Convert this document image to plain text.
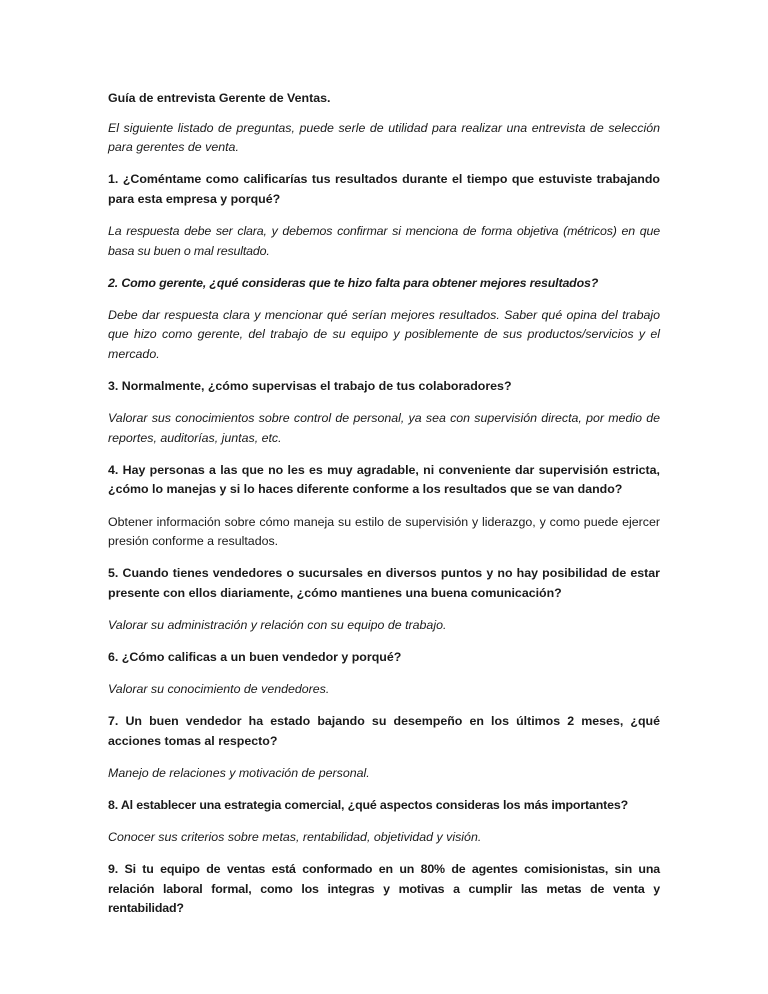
Guía de entrevista Gerente de Ventas.

El siguiente listado de preguntas, puede serle de utilidad para realizar una entrevista de selección para gerentes de venta.

1. ¿Coméntame como calificarías tus resultados durante el tiempo que estuviste trabajando para esta empresa y porqué?

La respuesta debe ser clara, y debemos confirmar si menciona de forma objetiva (métricos) en que basa su buen o mal resultado.

2. Como gerente, ¿qué consideras que te hizo falta para obtener mejores resultados?

Debe dar respuesta clara y mencionar qué serían mejores resultados. Saber qué opina del trabajo que hizo como gerente, del trabajo de su equipo y posiblemente de sus productos/servicios y el mercado.

3. Normalmente, ¿cómo supervisas el trabajo de tus colaboradores?

Valorar sus conocimientos sobre control de personal, ya sea con supervisión directa, por medio de reportes, auditorías, juntas, etc.

4. Hay personas a las que no les es muy agradable, ni conveniente dar supervisión estricta, ¿cómo lo manejas y si lo haces diferente conforme a los resultados que se van dando?

Obtener información sobre cómo maneja su estilo de supervisión y liderazgo, y como puede ejercer presión conforme a resultados.

5. Cuando tienes vendedores o sucursales en diversos puntos y no hay posibilidad de estar presente con ellos diariamente, ¿cómo mantienes una buena comunicación?

Valorar su administración y relación con su equipo de trabajo.

6. ¿Cómo calificas a un buen vendedor y porqué?

Valorar su conocimiento de vendedores.

7. Un buen vendedor ha estado bajando su desempeño en los últimos 2 meses, ¿qué acciones tomas al respecto?

Manejo de relaciones y motivación de personal.

8. Al establecer una estrategia comercial, ¿qué aspectos consideras los más importantes?

Conocer sus criterios sobre metas, rentabilidad, objetividad y visión.

9. Si tu equipo de ventas está conformado en un 80% de agentes comisionistas, sin una relación laboral formal, como los integras y motivas a cumplir las metas de venta y rentabilidad?
